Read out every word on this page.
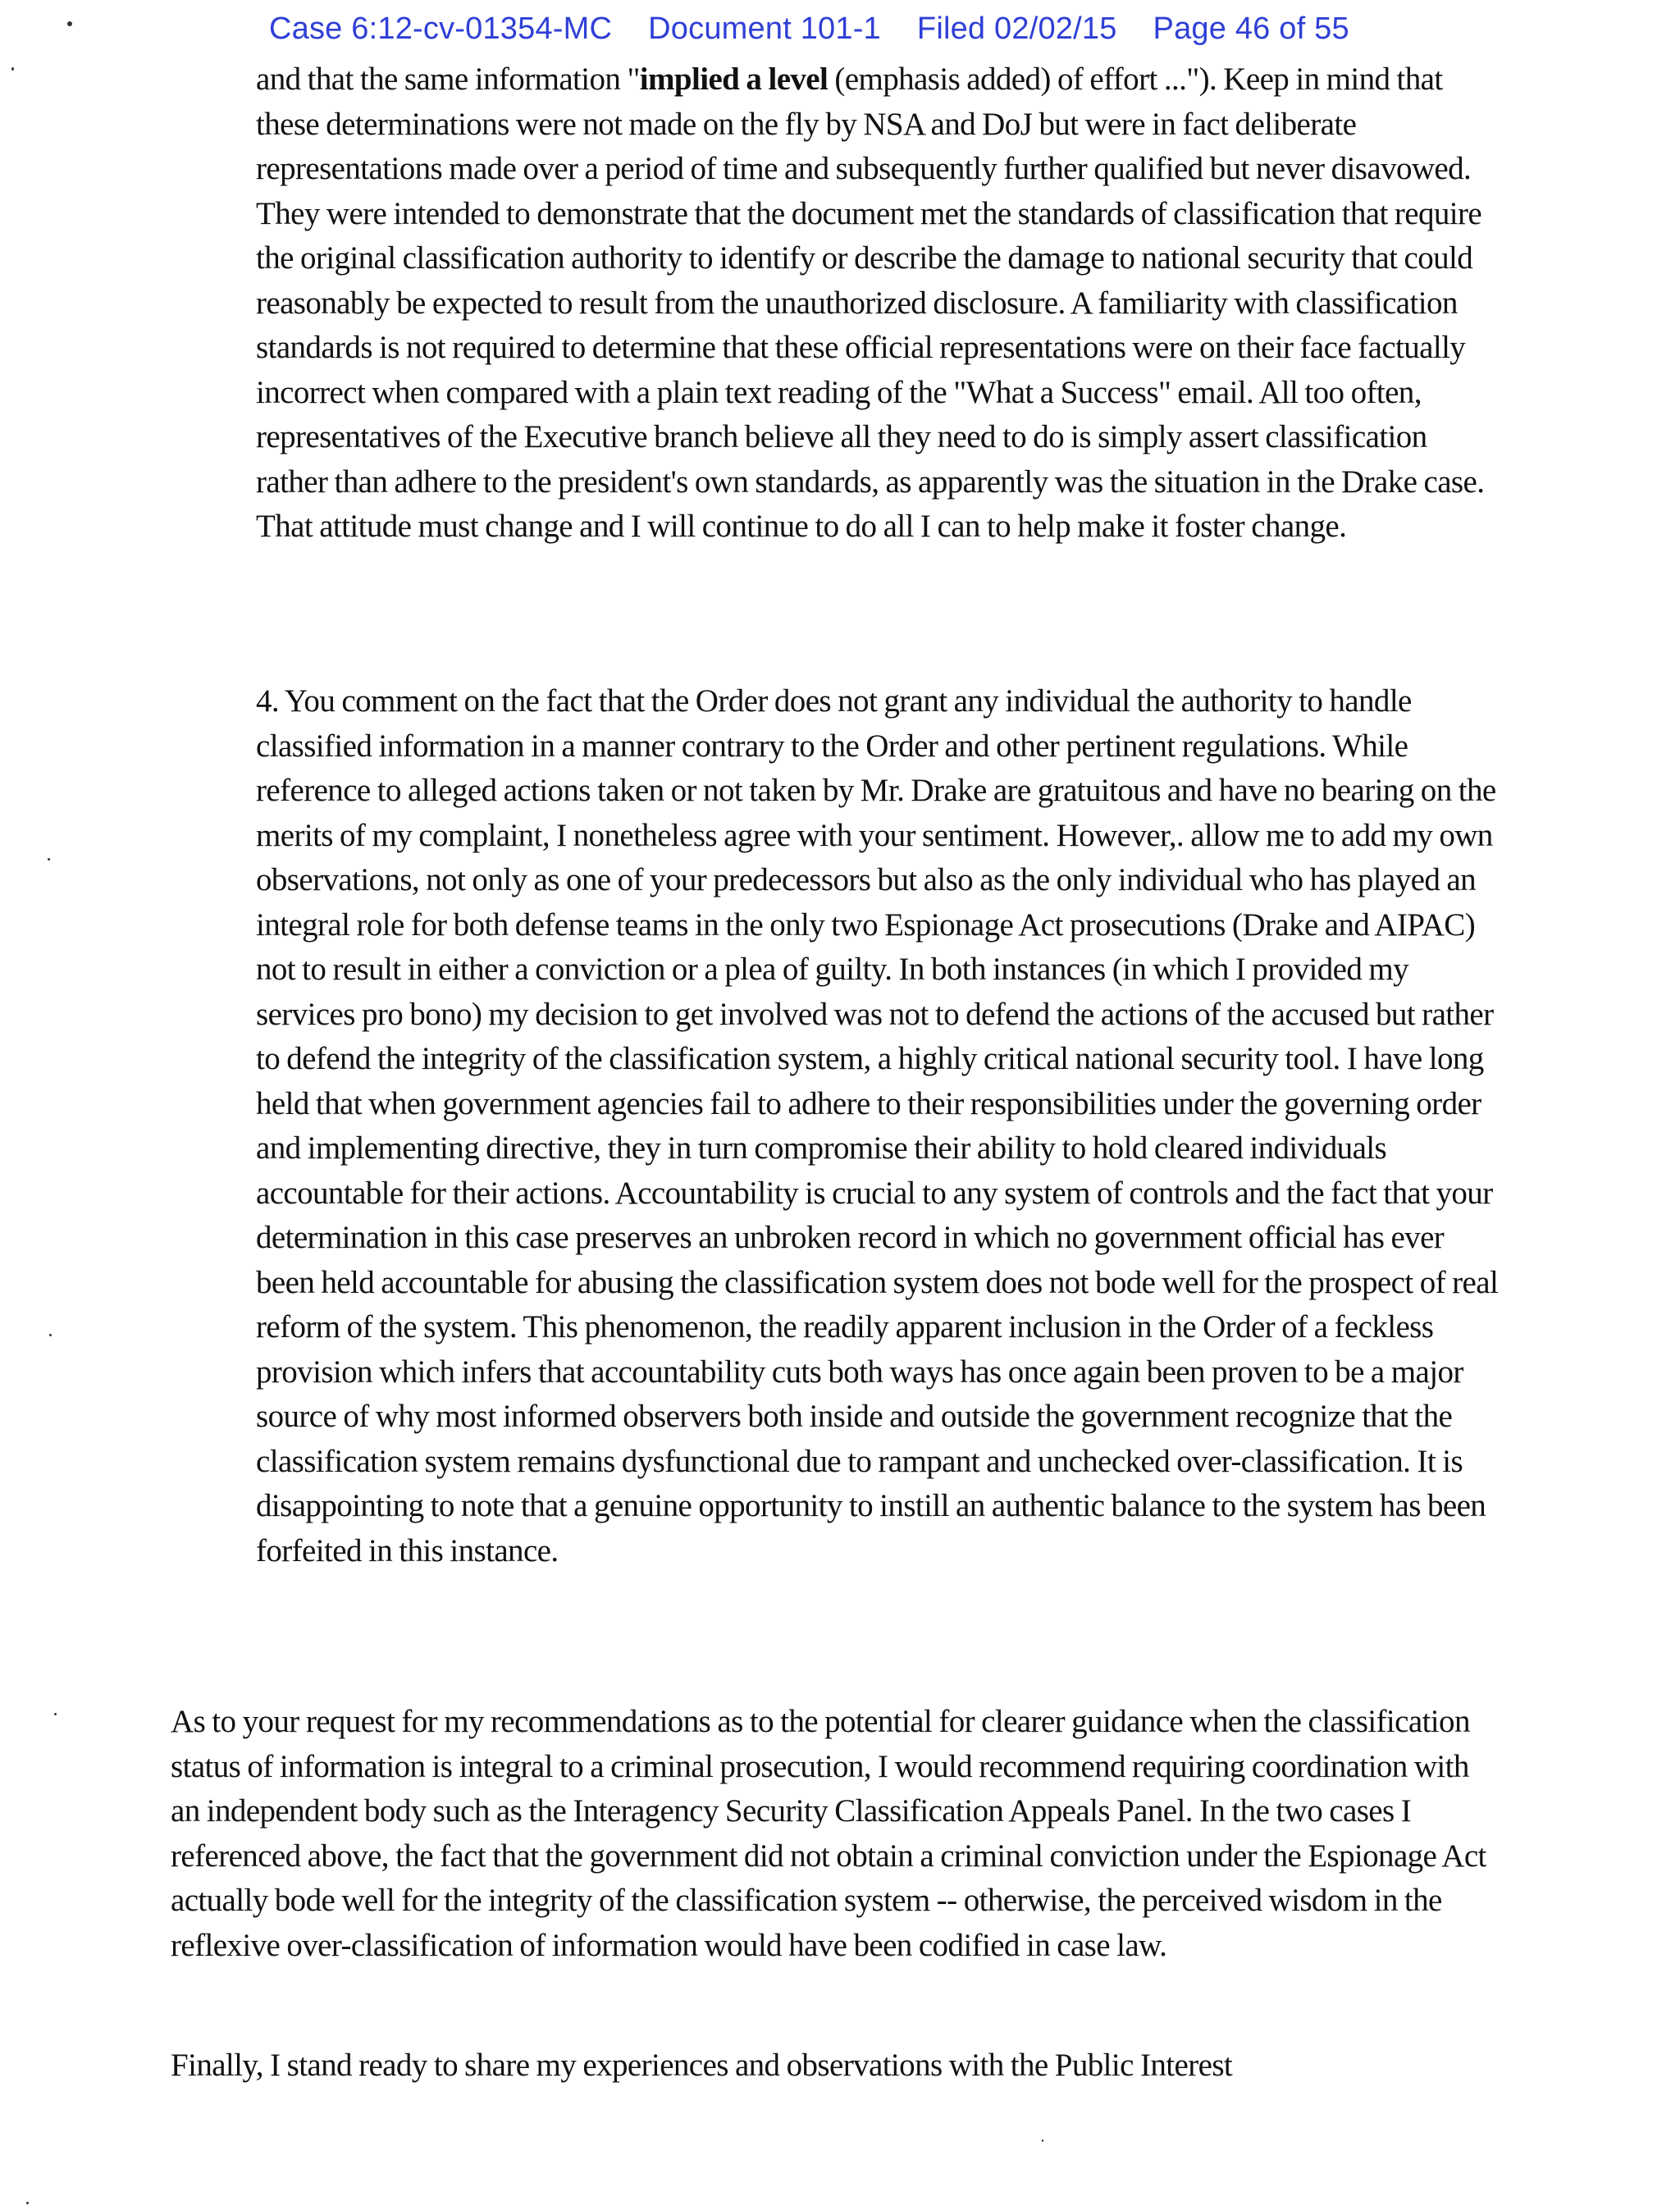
Case 6:12-cv-01354-MC Document 101-1 Filed 02/02/15 Page 46 of 55

and that the same information "implied a level (emphasis added) of effort ..."). Keep in mind that these determinations were not made on the fly by NSA and DoJ but were in fact deliberate representations made over a period of time and subsequently further qualified but never disavowed. They were intended to demonstrate that the document met the standards of classification that require the original classification authority to identify or describe the damage to national security that could reasonably be expected to result from the unauthorized disclosure. A familiarity with classification standards is not required to determine that these official representations were on their face factually incorrect when compared with a plain text reading of the "What a Success" email. All too often, representatives of the Executive branch believe all they need to do is simply assert classification rather than adhere to the president's own standards, as apparently was the situation in the Drake case. That attitude must change and I will continue to do all I can to help make it foster change.

4. You comment on the fact that the Order does not grant any individual the authority to handle classified information in a manner contrary to the Order and other pertinent regulations. While reference to alleged actions taken or not taken by Mr. Drake are gratuitous and have no bearing on the merits of my complaint, I nonetheless agree with your sentiment. However,. allow me to add my own observations, not only as one of your predecessors but also as the only individual who has played an integral role for both defense teams in the only two Espionage Act prosecutions (Drake and AIPAC) not to result in either a conviction or a plea of guilty. In both instances (in which I provided my services pro bono) my decision to get involved was not to defend the actions of the accused but rather to defend the integrity of the classification system, a highly critical national security tool. I have long held that when government agencies fail to adhere to their responsibilities under the governing order and implementing directive, they in turn compromise their ability to hold cleared individuals accountable for their actions. Accountability is crucial to any system of controls and the fact that your determination in this case preserves an unbroken record in which no government official has ever been held accountable for abusing the classification system does not bode well for the prospect of real reform of the system. This phenomenon, the readily apparent inclusion in the Order of a feckless provision which infers that accountability cuts both ways has once again been proven to be a major source of why most informed observers both inside and outside the government recognize that the classification system remains dysfunctional due to rampant and unchecked over-classification. It is disappointing to note that a genuine opportunity to instill an authentic balance to the system has been forfeited in this instance.

As to your request for my recommendations as to the potential for clearer guidance when the classification status of information is integral to a criminal prosecution, I would recommend requiring coordination with an independent body such as the Interagency Security Classification Appeals Panel. In the two cases I referenced above, the fact that the government did not obtain a criminal conviction under the Espionage Act actually bode well for the integrity of the classification system -- otherwise, the perceived wisdom in the reflexive over-classification of information would have been codified in case law.

Finally, I stand ready to share my experiences and observations with the Public Interest
